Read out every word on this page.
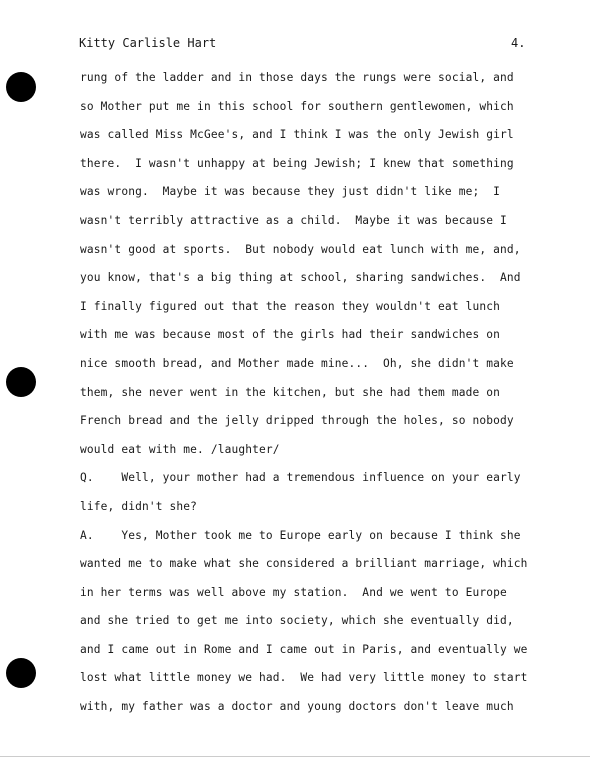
Kitty Carlisle Hart	4.
rung of the ladder and in those days the rungs were social, and
so Mother put me in this school for southern gentlewomen, which
was called Miss McGee's, and I think I was the only Jewish girl
there.  I wasn't unhappy at being Jewish; I knew that something
was wrong.  Maybe it was because they just didn't like me;  I
wasn't terribly attractive as a child.  Maybe it was because I
wasn't good at sports.  But nobody would eat lunch with me, and,
you know, that's a big thing at school, sharing sandwiches.  And
I finally figured out that the reason they wouldn't eat lunch
with me was because most of the girls had their sandwiches on
nice smooth bread, and Mother made mine...  Oh, she didn't make
them, she never went in the kitchen, but she had them made on
French bread and the jelly dripped through the holes, so nobody
would eat with me. /laughter/
Q.    Well, your mother had a tremendous influence on your early
life, didn't she?
A.    Yes, Mother took me to Europe early on because I think she
wanted me to make what she considered a brilliant marriage, which
in her terms was well above my station.  And we went to Europe
and she tried to get me into society, which she eventually did,
and I came out in Rome and I came out in Paris, and eventually we
lost what little money we had.  We had very little money to start
with, my father was a doctor and young doctors don't leave much
